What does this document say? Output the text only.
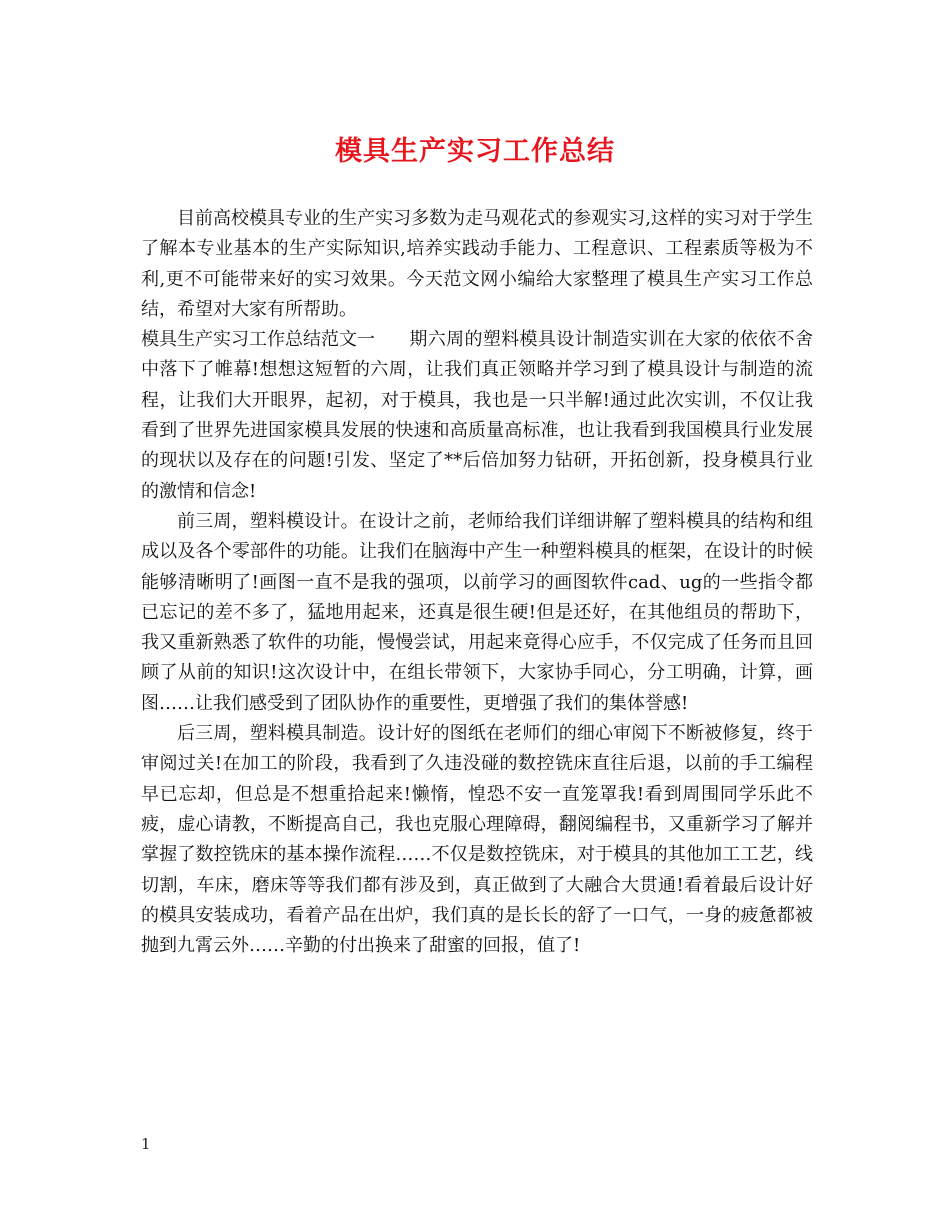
模具生产实习工作总结

目前高校模具专业的生产实习多数为走马观花式的参观实习,这样的实习对于学生了解本专业基本的生产实际知识,培养实践动手能力、工程意识、工程素质等极为不利,更不可能带来好的实习效果。今天范文网小编给大家整理了模具生产实习工作总结，希望对大家有所帮助。

模具生产实习工作总结范文一 期六周的塑料模具设计制造实训在大家的依依不舍中落下了帷幕!想想这短暂的六周，让我们真正领略并学习到了模具设计与制造的流程，让我们大开眼界，起初，对于模具，我也是一只半解!通过此次实训，不仅让我看到了世界先进国家模具发展的快速和高质量高标准，也让我看到我国模具行业发展的现状以及存在的问题!引发、坚定了**后倍加努力钻研，开拓创新，投身模具行业的激情和信念!

前三周，塑料模设计。在设计之前，老师给我们详细讲解了塑料模具的结构和组成以及各个零部件的功能。让我们在脑海中产生一种塑料模具的框架，在设计的时候能够清晰明了!画图一直不是我的强项，以前学习的画图软件cad、ug的一些指令都已忘记的差不多了，猛地用起来，还真是很生硬!但是还好，在其他组员的帮助下，我又重新熟悉了软件的功能，慢慢尝试，用起来竟得心应手，不仅完成了任务而且回顾了从前的知识!这次设计中，在组长带领下，大家协手同心，分工明确，计算，画图……让我们感受到了团队协作的重要性，更增强了我们的集体誉感!

后三周，塑料模具制造。设计好的图纸在老师们的细心审阅下不断被修复，终于审阅过关!在加工的阶段，我看到了久违没碰的数控铣床直往后退，以前的手工编程早已忘却，但总是不想重拾起来!懒惰，惶恐不安一直笼罩我!看到周围同学乐此不疲，虚心请教，不断提高自己，我也克服心理障碍，翻阅编程书，又重新学习了解并掌握了数控铣床的基本操作流程……不仅是数控铣床，对于模具的其他加工工艺，线切割，车床，磨床等等我们都有涉及到，真正做到了大融合大贯通!看着最后设计好的模具安装成功，看着产品在出炉，我们真的是长长的舒了一口气，一身的疲惫都被抛到九霄云外……辛勤的付出换来了甜蜜的回报，值了!

1
